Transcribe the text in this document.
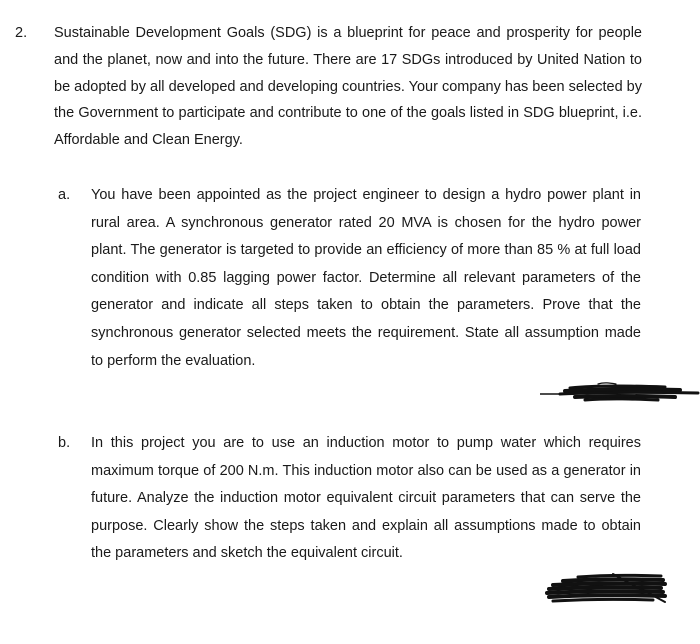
2. Sustainable Development Goals (SDG) is a blueprint for peace and prosperity for people and the planet, now and into the future. There are 17 SDGs introduced by United Nation to be adopted by all developed and developing countries. Your company has been selected by the Government to participate and contribute to one of the goals listed in SDG blueprint, i.e. Affordable and Clean Energy.
a. You have been appointed as the project engineer to design a hydro power plant in rural area. A synchronous generator rated 20 MVA is chosen for the hydro power plant. The generator is targeted to provide an efficiency of more than 85 % at full load condition with 0.85 lagging power factor. Determine all relevant parameters of the generator and indicate all steps taken to obtain the parameters. Prove that the synchronous generator selected meets the requirement. State all assumption made to perform the evaluation.
b. In this project you are to use an induction motor to pump water which requires maximum torque of 200 N.m. This induction motor also can be used as a generator in future. Analyze the induction motor equivalent circuit parameters that can serve the purpose. Clearly show the steps taken and explain all assumptions made to obtain the parameters and sketch the equivalent circuit.
